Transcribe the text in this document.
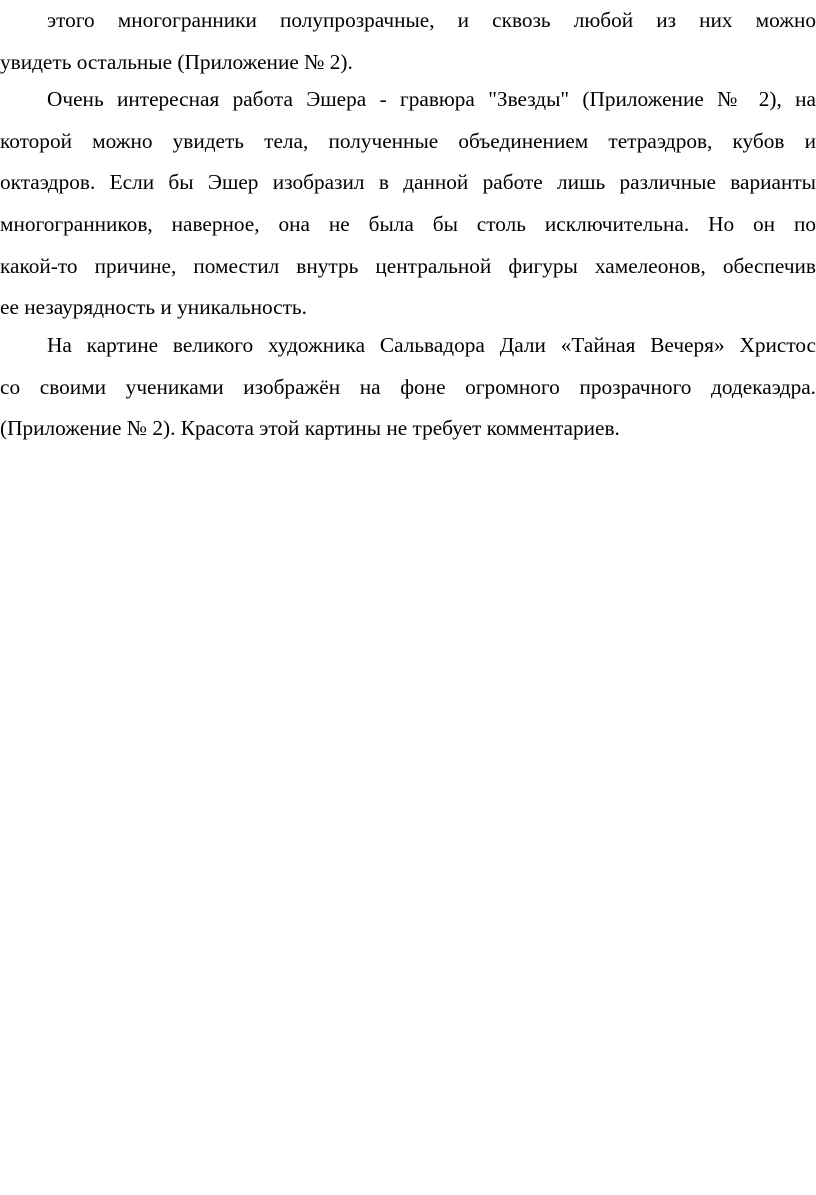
этого многогранники полупрозрачные, и сквозь любой из них можно
увидеть остальные (Приложение № 2).
Очень интересная работа Эшера - гравюра "Звезды" (Приложение № 2), на
которой можно увидеть тела, полученные объединением тетраэдров, кубов и
октаэдров. Если бы Эшер изобразил в данной работе лишь различные варианты
многогранников, наверное, она не была бы столь исключительна. Но он по
какой-то причине, поместил внутрь центральной фигуры хамелеонов, обеспечив
ее незаурядность и уникальность.
На картине великого художника Сальвадора Дали «Тайная Вечеря» Христос
со своими учениками изображён на фоне огромного прозрачного додекаэдра.
(Приложение № 2). Красота этой картины не требует комментариев.
